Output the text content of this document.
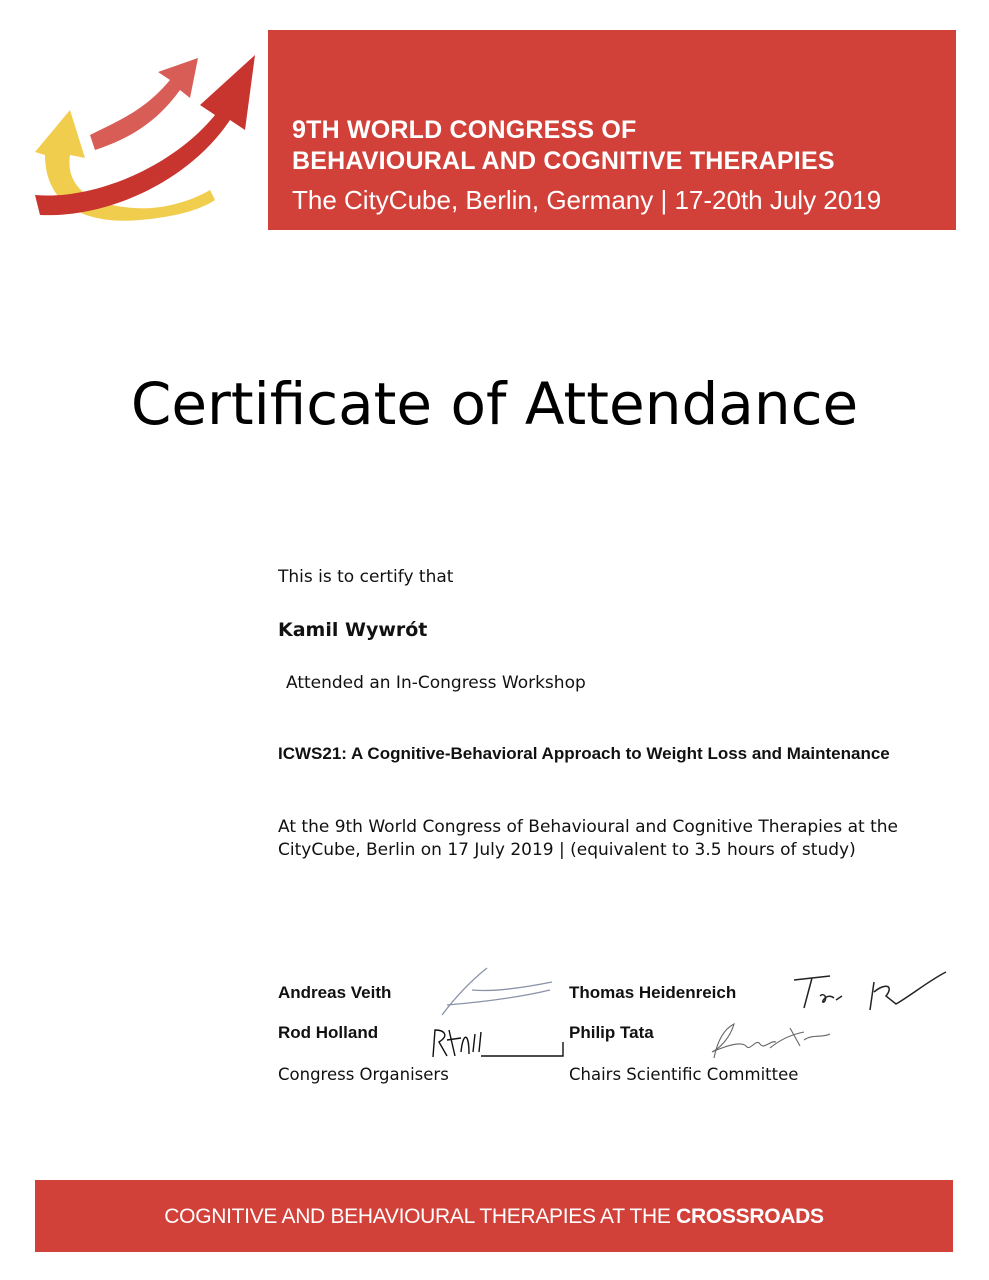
9TH WORLD CONGRESS OF
BEHAVIOURAL AND COGNITIVE THERAPIES
The CityCube, Berlin, Germany | 17-20th July 2019
Certificate of Attendance
This is to certify that
Kamil Wywrót
Attended an In-Congress Workshop
ICWS21: A Cognitive-Behavioral Approach to Weight Loss and Maintenance
At the 9th World Congress of Behavioural and Cognitive Therapies at the CityCube, Berlin on 17 July 2019 | (equivalent to 3.5 hours of study)
Andreas Veith
Rod Holland
Congress Organisers
Thomas Heidenreich
Philip Tata
Chairs Scientific Committee
COGNITIVE AND BEHAVIOURAL THERAPIES AT THE CROSSROADS
